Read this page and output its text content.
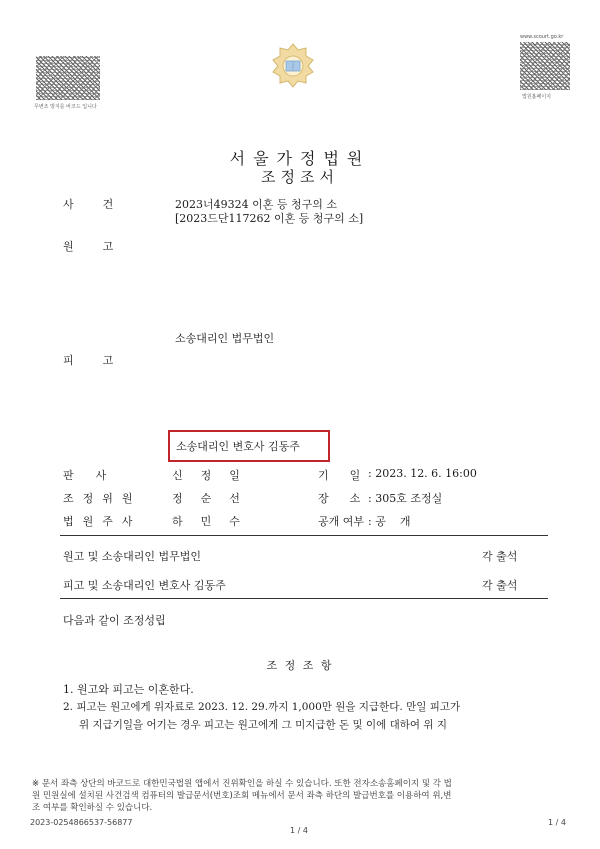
무변조 방지를 바코드 입니다
www.scourt.go.kr
법원홈페이지
서울가정법원
조정조서
사    건	2023너49324 이혼 등 청구의 소
[2023드단117262 이혼 등 청구의 소]
원    고
소송대리인 법무법인
피    고
소송대리인 변호사 김동주
판사	신정일	기      일 : 2023. 12. 6. 16:00
조정위원	정순선	장      소 : 305호 조정실
법원주사	하민수	공개 여부 : 공    개
원고 및 소송대리인 법무법인	각 출석
피고 및 소송대리인 변호사 김동주	각 출석
다음과 같이 조정성립
조 정 조 항
1. 원고와 피고는 이혼한다.
2. 피고는 원고에게 위자료로 2023. 12. 29.까지 1,000만 원을 지급한다. 만일 피고가
위 지급기일을 어기는 경우 피고는 원고에게 그 미지급한 돈 및 이에 대하여 위 지
※ 문서 좌측 상단의 바코드로 대한민국법원 앱에서 진위확인을 하실 수 있습니다. 또한 전자소송홈페이지 및 각 법
원 민원실에 설치된 사건검색 컴퓨터의 발급문서(번호)조회 메뉴에서 문서 좌측 하단의 발급번호를 이용하여 위,변
조 여부를 확인하실 수 있습니다.
2023-0254866537-56877
1 / 4
1 / 4
